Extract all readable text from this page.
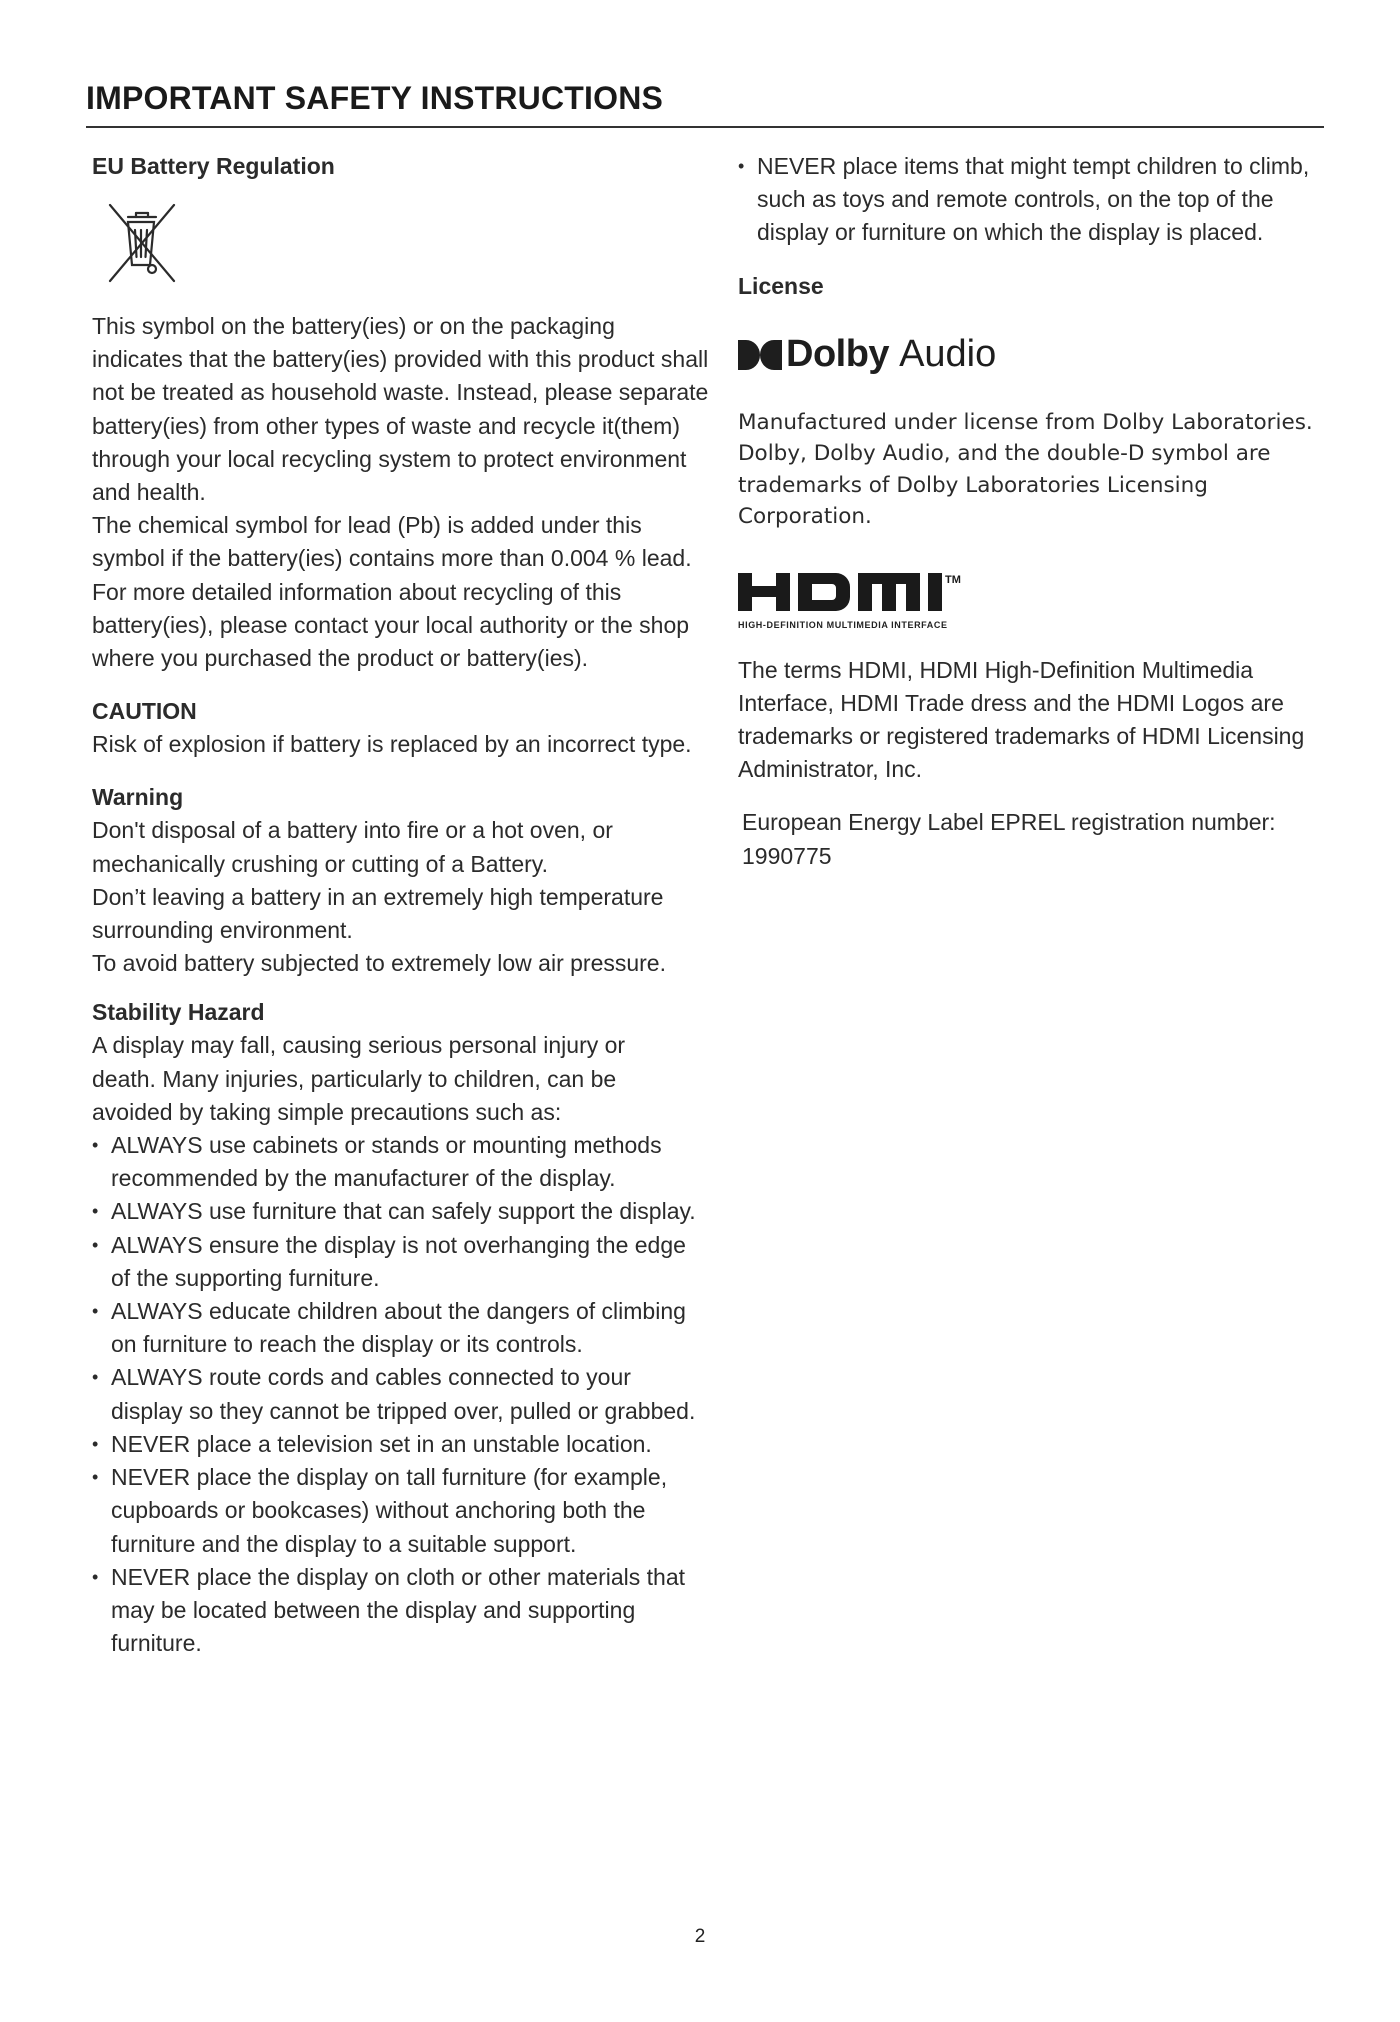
IMPORTANT SAFETY INSTRUCTIONS
EU Battery Regulation

This symbol on the battery(ies) or on the packaging indicates that the battery(ies) provided with this product shall not be treated as household waste. Instead, please separate battery(ies) from other types of waste and recycle it(them) through your local recycling system to protect environment and health.

The chemical symbol for lead (Pb) is added under this symbol if the battery(ies) contains more than 0.004 % lead. For more detailed information about recycling of this battery(ies), please contact your local authority or the shop where you purchased the product or battery(ies).

CAUTION

Risk of explosion if battery is replaced by an incorrect type.

Warning

Don't disposal of a battery into fire or a hot oven, or mechanically crushing or cutting of a Battery.

Don’t leaving a battery in an extremely high temperature surrounding environment.

To avoid battery subjected to extremely low air pressure.

Stability Hazard

A display may fall, causing serious personal injury or death. Many injuries, particularly to children, can be avoided by taking simple precautions such as:

• ALWAYS use cabinets or stands or mounting methods recommended by the manufacturer of the display.
• ALWAYS use furniture that can safely support the display.
• ALWAYS ensure the display is not overhanging the edge of the supporting furniture.
• ALWAYS educate children about the dangers of climbing on furniture to reach the display or its controls.
• ALWAYS route cords and cables connected to your display so they cannot be tripped over, pulled or grabbed.
• NEVER place a television set in an unstable location.
• NEVER place the display on tall furniture (for example, cupboards or bookcases) without anchoring both the furniture and the display to a suitable support.
• NEVER place the display on cloth or other materials that may be located between the display and supporting furniture.
• NEVER place items that might tempt children to climb, such as toys and remote controls, on the top of the display or furniture on which the display is placed.
License
Dolby Audio

Manufactured under license from Dolby Laboratories. Dolby, Dolby Audio, and the double-D symbol are trademarks of Dolby Laboratories Licensing Corporation.

TM
HIGH-DEFINITION MULTIMEDIA INTERFACE

The terms HDMI, HDMI High-Definition Multimedia Interface, HDMI Trade dress and the HDMI Logos are trademarks or registered trademarks of HDMI Licensing Administrator, Inc.

European Energy Label EPREL registration number:

1990775

2
